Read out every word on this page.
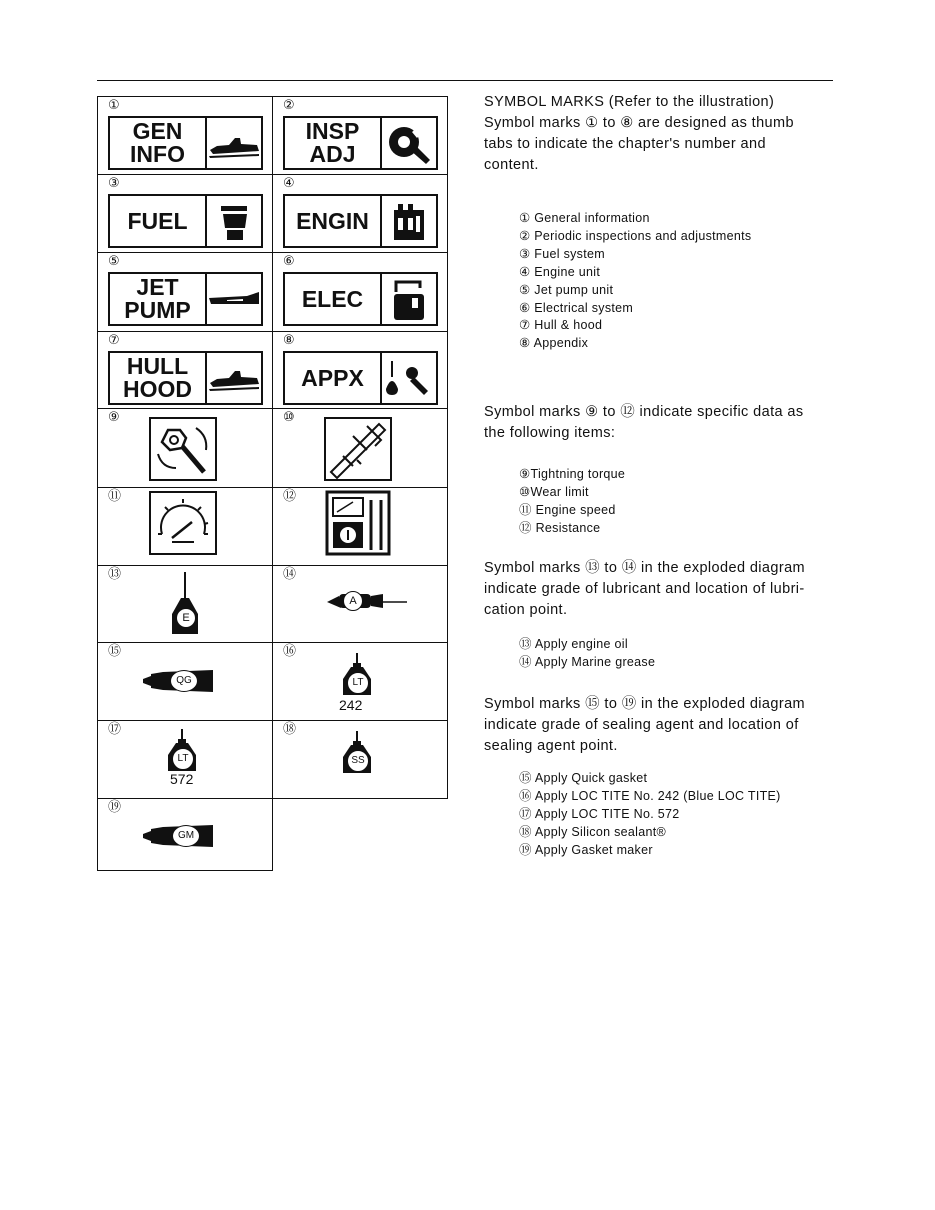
①
GEN
INFO
②
INSP
ADJ
③
FUEL
④
ENGIN
⑤
JET
PUMP
⑥
ELEC
⑦
HULL
HOOD
⑧
APPX
⑨	⑩
⑪	⑫
⑬
E
⑭
A
⑮
QG
⑯
LT
242
⑰
LT
572
⑱
SS
⑲
GM
SYMBOL MARKS (Refer to the illustration)
Symbol marks ① to ⑧ are designed as thumb
tabs to indicate the chapter's number and
content.
① General information
② Periodic inspections and adjustments
③ Fuel system
④ Engine unit
⑤ Jet pump unit
⑥ Electrical system
⑦ Hull & hood
⑧ Appendix
Symbol marks ⑨ to ⑫ indicate specific data as
the following items:
⑨Tightning torque
⑩Wear limit
⑪ Engine speed
⑫ Resistance
Symbol marks ⑬ to ⑭ in the exploded diagram
indicate grade of lubricant and location of lubri-
cation point.
⑬ Apply engine oil
⑭ Apply Marine grease
Symbol marks ⑮ to ⑲ in the exploded diagram
indicate grade of sealing agent and location of
sealing agent point.
⑮ Apply Quick gasket
⑯ Apply LOC TITE No. 242 (Blue LOC TITE)
⑰ Apply LOC TITE No. 572
⑱ Apply Silicon sealant®
⑲ Apply Gasket maker
